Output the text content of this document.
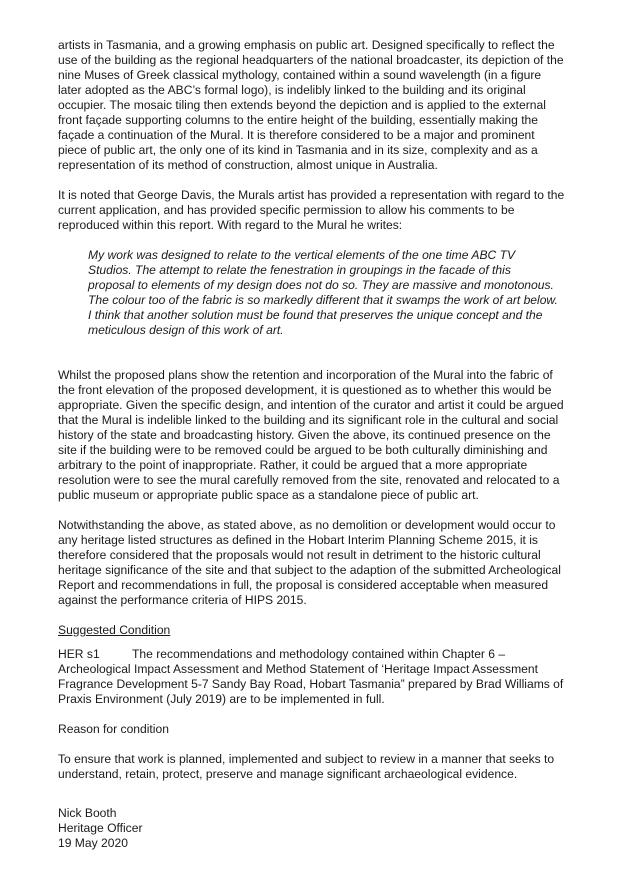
artists in Tasmania, and a growing emphasis on public art. Designed specifically to reflect the use of the building as the regional headquarters of the national broadcaster, its depiction of the nine Muses of Greek classical mythology, contained within a sound wavelength (in a figure later adopted as the ABC’s formal logo), is indelibly linked to the building and its original occupier. The mosaic tiling then extends beyond the depiction and is applied to the external front façade supporting columns to the entire height of the building, essentially making the façade a continuation of the Mural. It is therefore considered to be a major and prominent piece of public art, the only one of its kind in Tasmania and in its size, complexity and as a representation of its method of construction, almost unique in Australia.

It is noted that George Davis, the Murals artist has provided a representation with regard to the current application, and has provided specific permission to allow his comments to be reproduced within this report. With regard to the Mural he writes:

My work was designed to relate to the vertical elements of the one time ABC TV Studios. The attempt to relate the fenestration in groupings in the facade of this proposal to elements of my design does not do so. They are massive and monotonous. The colour too of the fabric is so markedly different that it swamps the work of art below. I think that another solution must be found that preserves the unique concept and the meticulous design of this work of art.

Whilst the proposed plans show the retention and incorporation of the Mural into the fabric of the front elevation of the proposed development, it is questioned as to whether this would be appropriate. Given the specific design, and intention of the curator and artist it could be argued that the Mural is indelible linked to the building and its significant role in the cultural and social history of the state and broadcasting history. Given the above, its continued presence on the site if the building were to be removed could be argued to be both culturally diminishing and arbitrary to the point of inappropriate. Rather, it could be argued that a more appropriate resolution were to see the mural carefully removed from the site, renovated and relocated to a public museum or appropriate public space as a standalone piece of public art.

Notwithstanding the above, as stated above, as no demolition or development would occur to any heritage listed structures as defined in the Hobart Interim Planning Scheme 2015, it is therefore considered that the proposals would not result in detriment to the historic cultural heritage significance of the site and that subject to the adaption of the submitted Archeological Report and recommendations in full, the proposal is considered acceptable when measured against the performance criteria of HIPS 2015.

Suggested Condition

HER s1	The recommendations and methodology contained within Chapter 6 – Archeological Impact Assessment and Method Statement of ‘Heritage Impact Assessment Fragrance Development 5-7 Sandy Bay Road, Hobart Tasmania” prepared by Brad Williams of Praxis Environment (July 2019) are to be implemented in full.

Reason for condition

To ensure that work is planned, implemented and subject to review in a manner that seeks to understand, retain, protect, preserve and manage significant archaeological evidence.

Nick Booth
Heritage Officer
19 May 2020
